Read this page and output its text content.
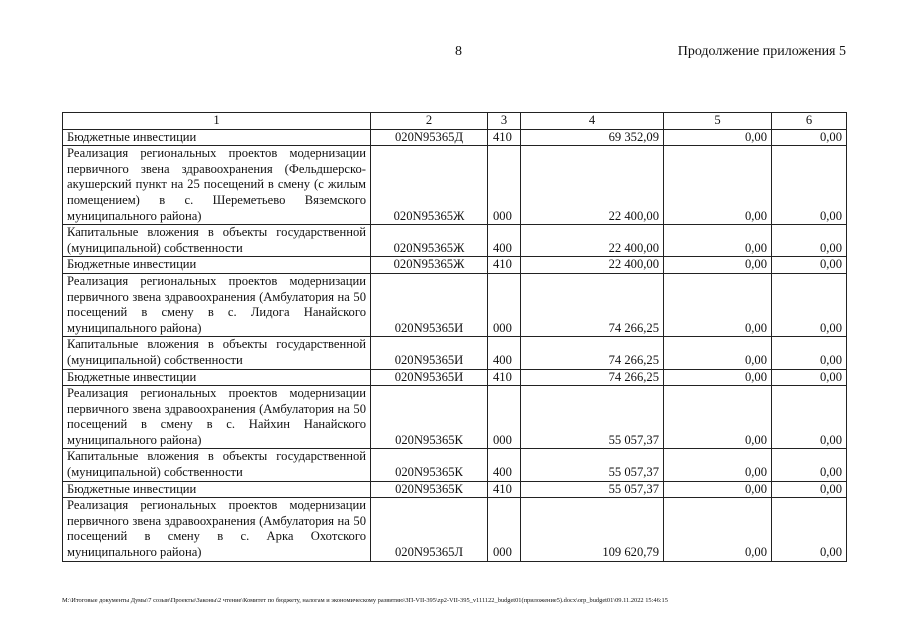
8	Продолжение приложения 5
1	2	3	4	5	6
Бюджетные инвестиции	020N95365Д	410	69 352,09	0,00	0,00
Реализация региональных проектов модернизации первичного звена здравоохранения (Фельдшерско-акушерский пункт на 25 посещений в смену (с жилым помещением) в с. Шереметьево Вяземского муниципального района)	020N95365Ж	000	22 400,00	0,00	0,00
Капитальные вложения в объекты государственной (муниципальной) собственности	020N95365Ж	400	22 400,00	0,00	0,00
Бюджетные инвестиции	020N95365Ж	410	22 400,00	0,00	0,00
Реализация региональных проектов модернизации первичного звена здравоохранения (Амбулатория на 50 посещений в смену в с. Лидога Нанайского муниципального района)	020N95365И	000	74 266,25	0,00	0,00
Капитальные вложения в объекты государственной (муниципальной) собственности	020N95365И	400	74 266,25	0,00	0,00
Бюджетные инвестиции	020N95365И	410	74 266,25	0,00	0,00
Реализация региональных проектов модернизации первичного звена здравоохранения (Амбулатория на 50 посещений в смену в с. Найхин Нанайского муниципального района)	020N95365К	000	55 057,37	0,00	0,00
Капитальные вложения в объекты государственной (муниципальной) собственности	020N95365К	400	55 057,37	0,00	0,00
Бюджетные инвестиции	020N95365К	410	55 057,37	0,00	0,00
Реализация региональных проектов модернизации первичного звена здравоохранения (Амбулатория на 50 посещений в смену в с. Арка Охотского муниципального района)	020N95365Л	000	109 620,79	0,00	0,00
M:\Итоговые документы Думы\7 созыв\Проекты\Законы\2 чтение\Комитет по бюджету, налогам и экономическому развитию\ЗП-VII-395\zp2-VII-395_v111122_budget01(приложение5).docx\orp_budget01\09.11.2022 15:46:15
